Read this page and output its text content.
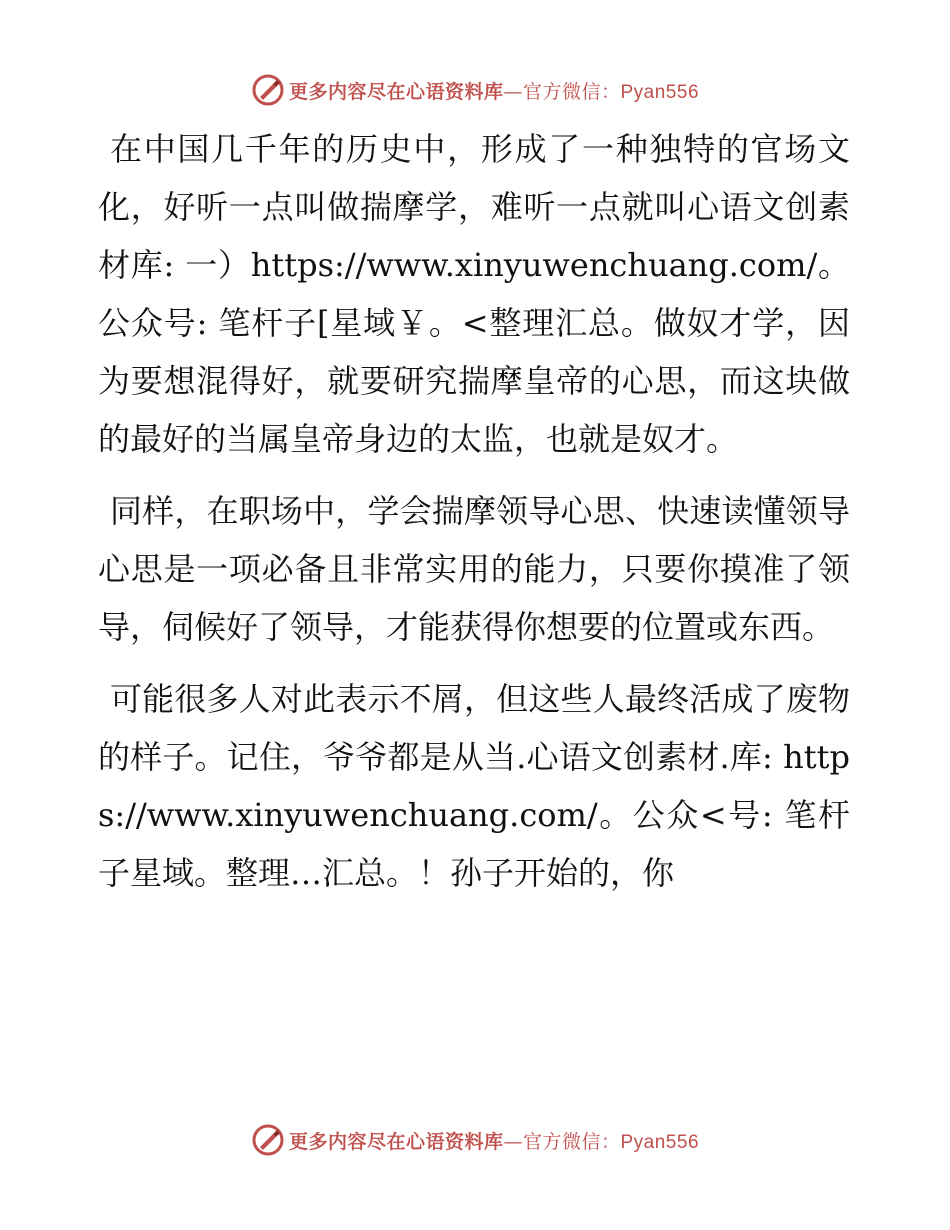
更多内容尽在心语资料库—官方微信：Pyan556

在中国几千年的历史中，形成了一种独特的官场文化，好听一点叫做揣摩学，难听一点就叫心语文创素材库: 一）https://www.xinyuwenchuang.com/。公众号: 笔杆子[星域￥。<整理汇总。做奴才学，因为要想混得好，就要研究揣摩皇帝的心思，而这块做的最好的当属皇帝身边的太监，也就是奴才。

同样，在职场中，学会揣摩领导心思、快速读懂领导心思是一项必备且非常实用的能力，只要你摸准了领导，伺候好了领导，才能获得你想要的位置或东西。

可能很多人对此表示不屑，但这些人最终活成了废物的样子。记住，爷爷都是从当.心语文创素材.库: https://www.xinyuwenchuang.com/。公众<号: 笔杆子星域。整理…汇总。！孙子开始的，你

更多内容尽在心语资料库—官方微信：Pyan556
